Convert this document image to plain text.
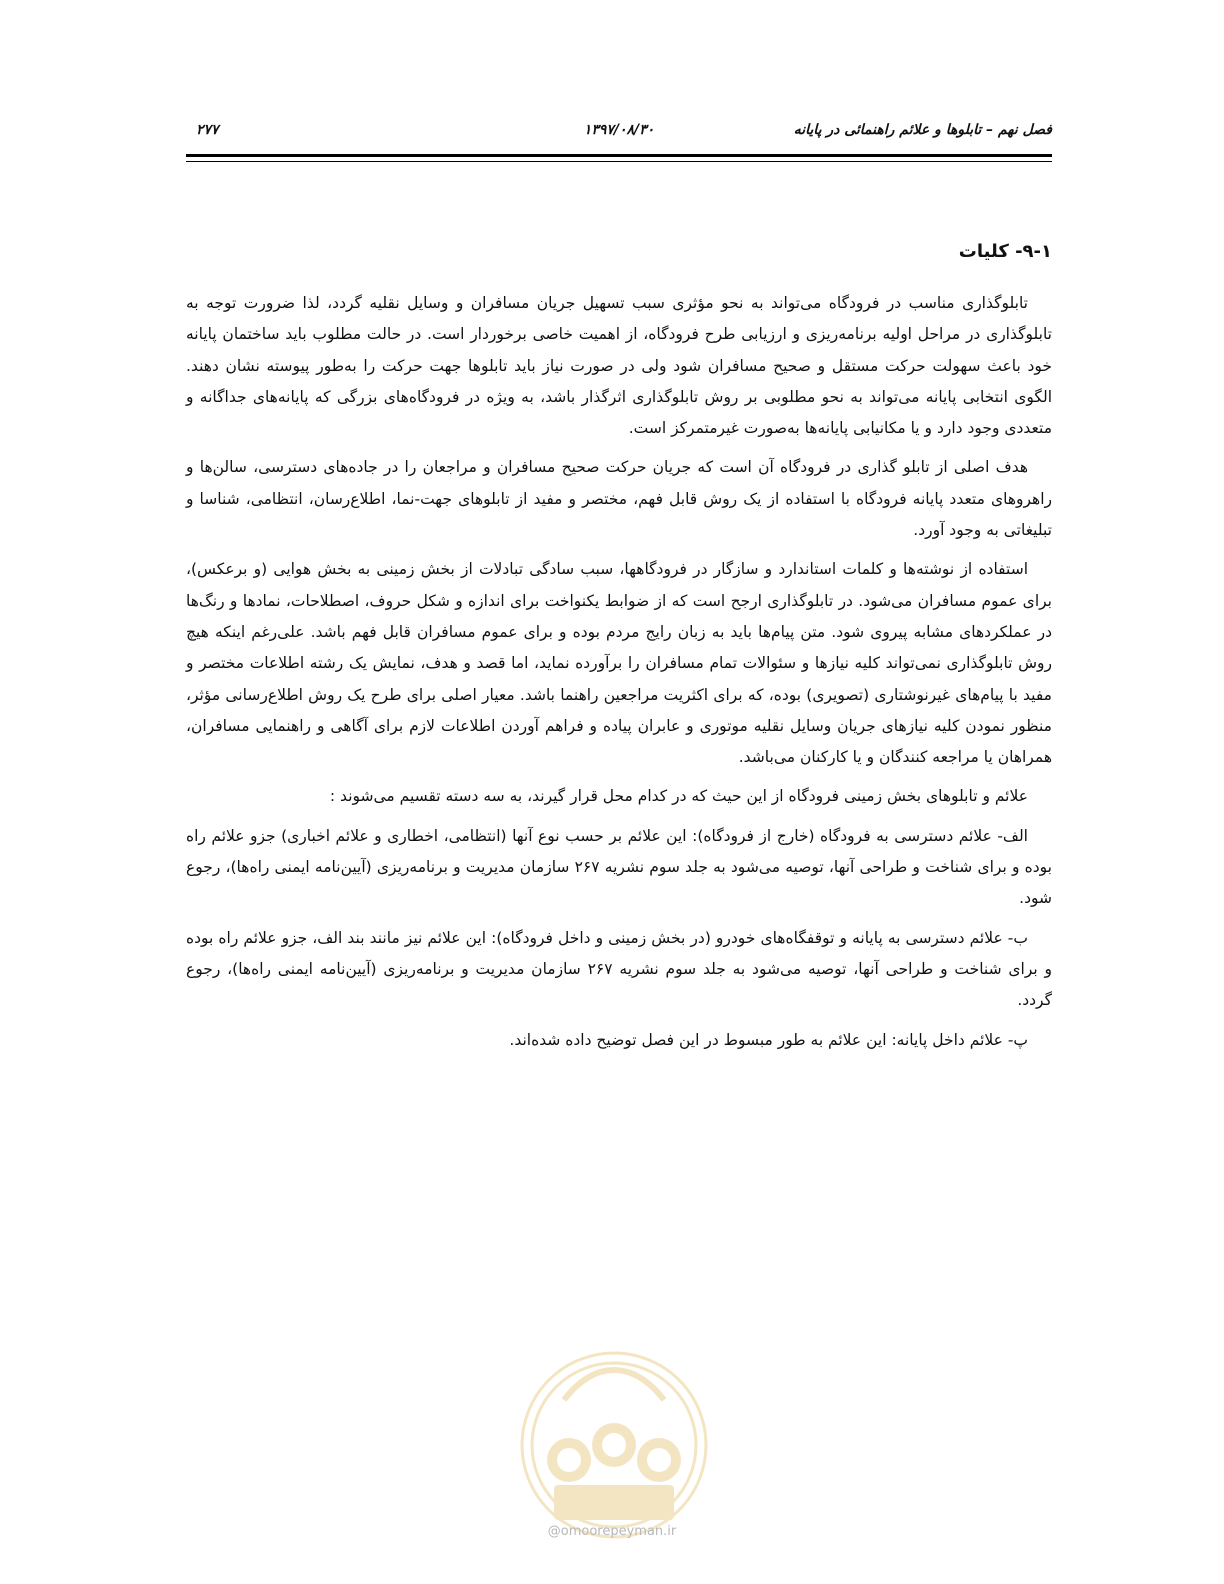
فصل نهم – تابلوها و علائم راهنمائی در پایانه
۱۳۹۷/۰۸/۳۰
۲۷۷
۹-۱- کلیات

تابلوگذاری مناسب در فرودگاه می‌تواند به نحو مؤثری سبب تسهیل جریان مسافران و وسایل نقلیه گردد، لذا ضرورت توجه به تابلوگذاری در مراحل اولیه برنامه‌ریزی و ارزیابی طرح فرودگاه، از اهمیت خاصی برخوردار است. در حالت مطلوب باید ساختمان پایانه خود باعث سهولت حرکت مستقل و صحیح مسافران شود ولی در صورت نیاز باید تابلوها جهت حرکت را به‌طور پیوسته نشان دهند. الگوی انتخابی پایانه می‌تواند به نحو مطلوبی بر روش تابلوگذاری اثرگذار باشد، به ویژه در فرودگاه‌های بزرگی که پایانه‌های جداگانه و متعددی وجود دارد و یا مکانیابی پایانه‌ها به‌صورت غیرمتمرکز است.

هدف اصلی از تابلو گذاری در فرودگاه آن است که جریان حرکت صحیح مسافران و مراجعان را در جاده‌های دسترسی، سالن‌ها و راهروهای متعدد پایانه فرودگاه با استفاده از یک روش قابل فهم، مختصر و مفید از تابلوهای جهت-نما، اطلاع‌رسان، انتظامی، شناسا و تبلیغاتی به وجود آورد.

استفاده از نوشته‌ها و کلمات استاندارد و سازگار در فرودگاهها، سبب سادگی تبادلات از بخش زمینی به بخش هوایی (و برعکس)، برای عموم مسافران می‌شود. در تابلوگذاری ارجح است که از ضوابط یکنواخت برای اندازه و شکل حروف، اصطلاحات، نمادها و رنگ‌ها در عملکردهای مشابه پیروی شود. متن پیام‌ها باید به زبان رایج مردم بوده و برای عموم مسافران قابل فهم باشد. علی‌رغم اینکه هیچ روش تابلوگذاری نمی‌تواند کلیه نیازها و سئوالات تمام مسافران را برآورده نماید، اما قصد و هدف، نمایش یک رشته اطلاعات مختصر و مفید با پیام‌های غیرنوشتاری (تصویری) بوده، که برای اکثریت مراجعین راهنما باشد. معیار اصلی برای طرح یک روش اطلاع‌رسانی مؤثر، منظور نمودن کلیه نیازهای جریان وسایل نقلیه موتوری و عابران پیاده و فراهم آوردن اطلاعات لازم برای آگاهی و راهنمایی مسافران، همراهان یا مراجعه کنندگان و یا کارکنان می‌باشد.

علائم و تابلوهای بخش زمینی فرودگاه از این حیث که در کدام محل قرار گیرند، به سه دسته تقسیم می‌شوند :

الف- علائم دسترسی به فرودگاه (خارج از فرودگاه): این علائم بر حسب نوع آنها (انتظامی، اخطاری و علائم اخباری) جزو علائم راه بوده و برای شناخت و طراحی آنها، توصیه می‌شود به جلد سوم نشریه ۲۶۷ سازمان مدیریت و برنامه‌ریزی (آیین‌نامه ایمنی راه‌ها)، رجوع شود.

ب- علائم دسترسی به پایانه و توقفگاه‌های خودرو (در بخش زمینی و داخل فرودگاه): این علائم نیز مانند بند الف، جزو علائم راه بوده و برای شناخت و طراحی آنها، توصیه می‌شود به جلد سوم نشریه ۲۶۷ سازمان مدیریت و برنامه‌ریزی (آیین‌نامه ایمنی راه‌ها)، رجوع گردد.

پ- علائم داخل پایانه: این علائم به طور مبسوط در این فصل توضیح داده شده‌اند.

@omoorepeyman.ir
